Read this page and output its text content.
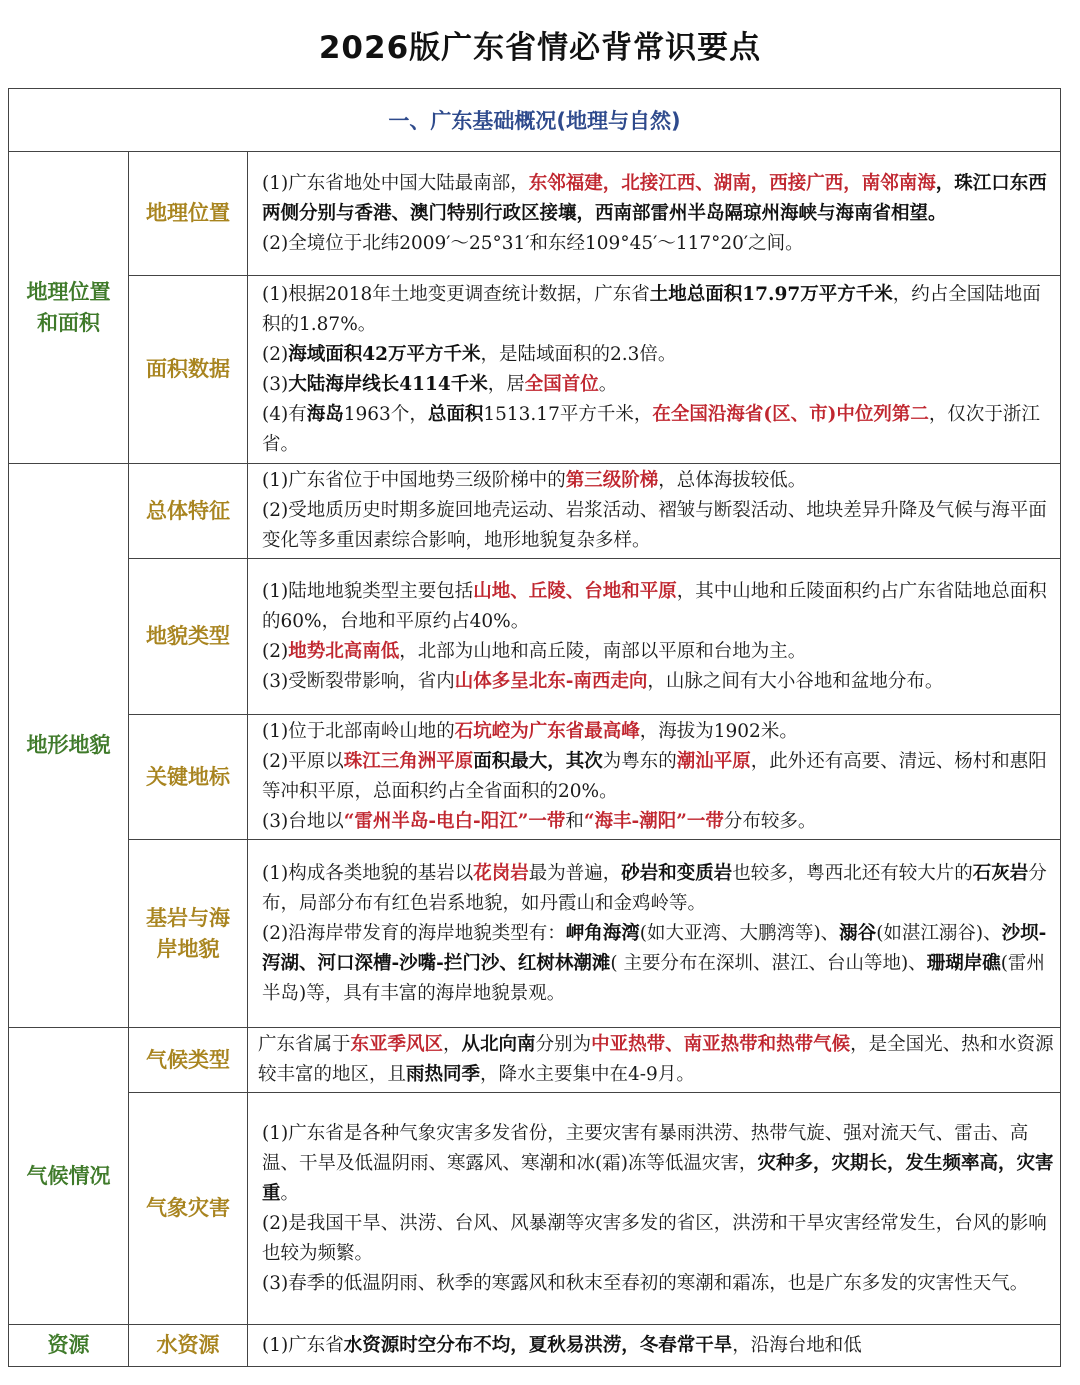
2026版广东省情必背常识要点
一、广东基础概况(地理与自然)		
地理位置和面积	地理位置	(1)广东省地处中国大陆最南部，东邻福建，北接江西、湖南，西接广西，南邻南海，珠江口东西两侧分别与香港、澳门特别行政区接壤，西南部雷州半岛隔琼州海峡与海南省相望。

(2)全境位于北纬2009′～25°31′和东经109°45′～117°20′之间。

	面积数据	(1)根据2018年土地变更调查统计数据，广东省土地总面积17.97万平方千米，约占全国陆地面积的1.87%。

(2)海域面积42万平方千米，是陆域面积的2.3倍。

(3)大陆海岸线长4114千米，居全国首位。

(4)有海岛1963个，总面积1513.17平方千米，在全国沿海省(区、市)中位列第二，仅次于浙江省。

地形地貌	总体特征	(1)广东省位于中国地势三级阶梯中的第三级阶梯，总体海拔较低。

(2)受地质历史时期多旋回地壳运动、岩浆活动、褶皱与断裂活动、地块差异升降及气候与海平面变化等多重因素综合影响，地形地貌复杂多样。

	地貌类型	(1)陆地地貌类型主要包括山地、丘陵、台地和平原，其中山地和丘陵面积约占广东省陆地总面积的60%，台地和平原约占40%。

(2)地势北高南低，北部为山地和高丘陵，南部以平原和台地为主。

(3)受断裂带影响，省内山体多呈北东-南西走向，山脉之间有大小谷地和盆地分布。

	关键地标	(1)位于北部南岭山地的石坑崆为广东省最高峰，海拔为1902米。

(2)平原以珠江三角洲平原面积最大，其次为粤东的潮汕平原，此外还有高要、清远、杨村和惠阳等冲积平原，总面积约占全省面积的20%。

(3)台地以“雷州半岛-电白-阳江”一带和“海丰-潮阳”一带分布较多。

	基岩与海岸地貌	(1)构成各类地貌的基岩以花岗岩最为普遍，砂岩和变质岩也较多，粤西北还有较大片的石灰岩分布，局部分布有红色岩系地貌，如丹霞山和金鸡岭等。

(2)沿海岸带发育的海岸地貌类型有：岬角海湾(如大亚湾、大鹏湾等)、溺谷(如湛江溺谷)、沙坝-泻湖、河口深槽-沙嘴-拦门沙、红树林潮滩( 主要分布在深圳、湛江、台山等地)、珊瑚岸礁(雷州半岛)等，具有丰富的海岸地貌景观。

气候情况	气候类型	广东省属于东亚季风区，从北向南分别为中亚热带、南亚热带和热带气候，是全国光、热和水资源较丰富的地区，且雨热同季，降水主要集中在4-9月。

	气象灾害	(1)广东省是各种气象灾害多发省份，主要灾害有暴雨洪涝、热带气旋、强对流天气、雷击、高温、干旱及低温阴雨、寒露风、寒潮和冰(霜)冻等低温灾害，灾种多，灾期长，发生频率高，灾害重。

(2)是我国干旱、洪涝、台风、风暴潮等灾害多发的省区，洪涝和干旱灾害经常发生，台风的影响也较为频繁。

(3)春季的低温阴雨、秋季的寒露风和秋末至春初的寒潮和霜冻，也是广东多发的灾害性天气。

资源	水资源	(1)广东省水资源时空分布不均，夏秋易洪涝，冬春常干旱，沿海台地和低
